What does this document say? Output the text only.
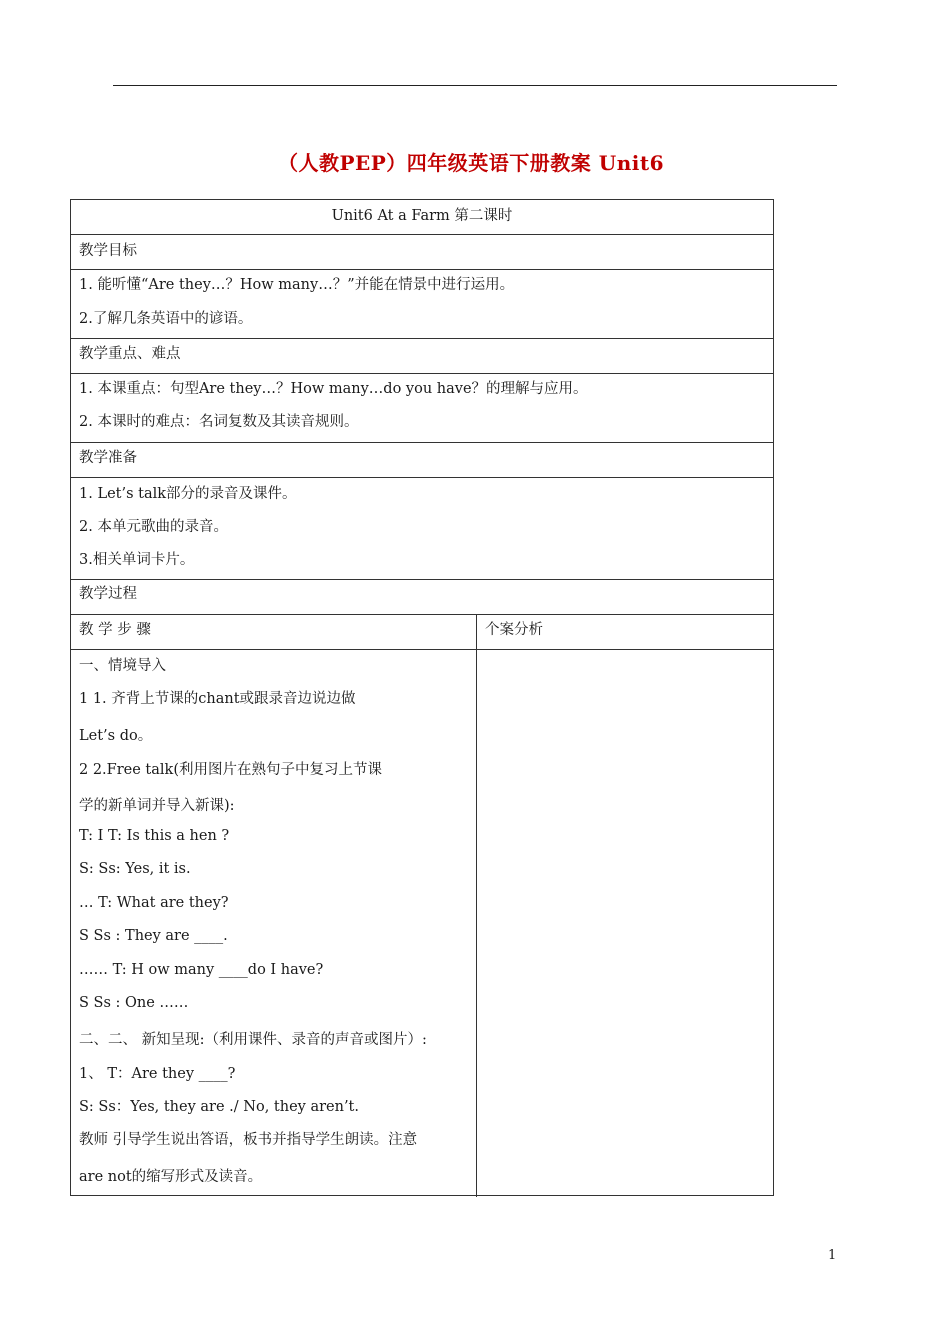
（人教PEP）四年级英语下册教案 Unit6
Unit6 At a Farm 第二课时
教学目标
1. 能听懂“Are they…？How many…？”并能在情景中进行运用。
2.了解几条英语中的谚语。
教学重点、难点
1. 本课重点：句型Are they…？How many…do you have？的理解与应用。
2. 本课时的难点：名词复数及其读音规则。
教学准备
1. Let’s talk部分的录音及课件。
2. 本单元歌曲的录音。
3.相关单词卡片。
教学过程
教 学 步 骤	个案分析
一、情境导入
1 1. 齐背上节课的chant或跟录音边说边做
Let’s do。
2 2.Free talk(利用图片在熟句子中复习上节课
学的新单词并导入新课):
T: I T: Is this a hen ?
S: Ss: Yes, it is.
… T: What are they?
S Ss : They are ____.
…… T: H ow many ____do I have?
S Ss : One ……
二、二、 新知呈现:（利用课件、录音的声音或图片）:
1、 T：Are they ____?
S: Ss：Yes, they are ./ No, they aren’t.
教师 引导学生说出答语，板书并指导学生朗读。注意
are not的缩写形式及读音。
1
